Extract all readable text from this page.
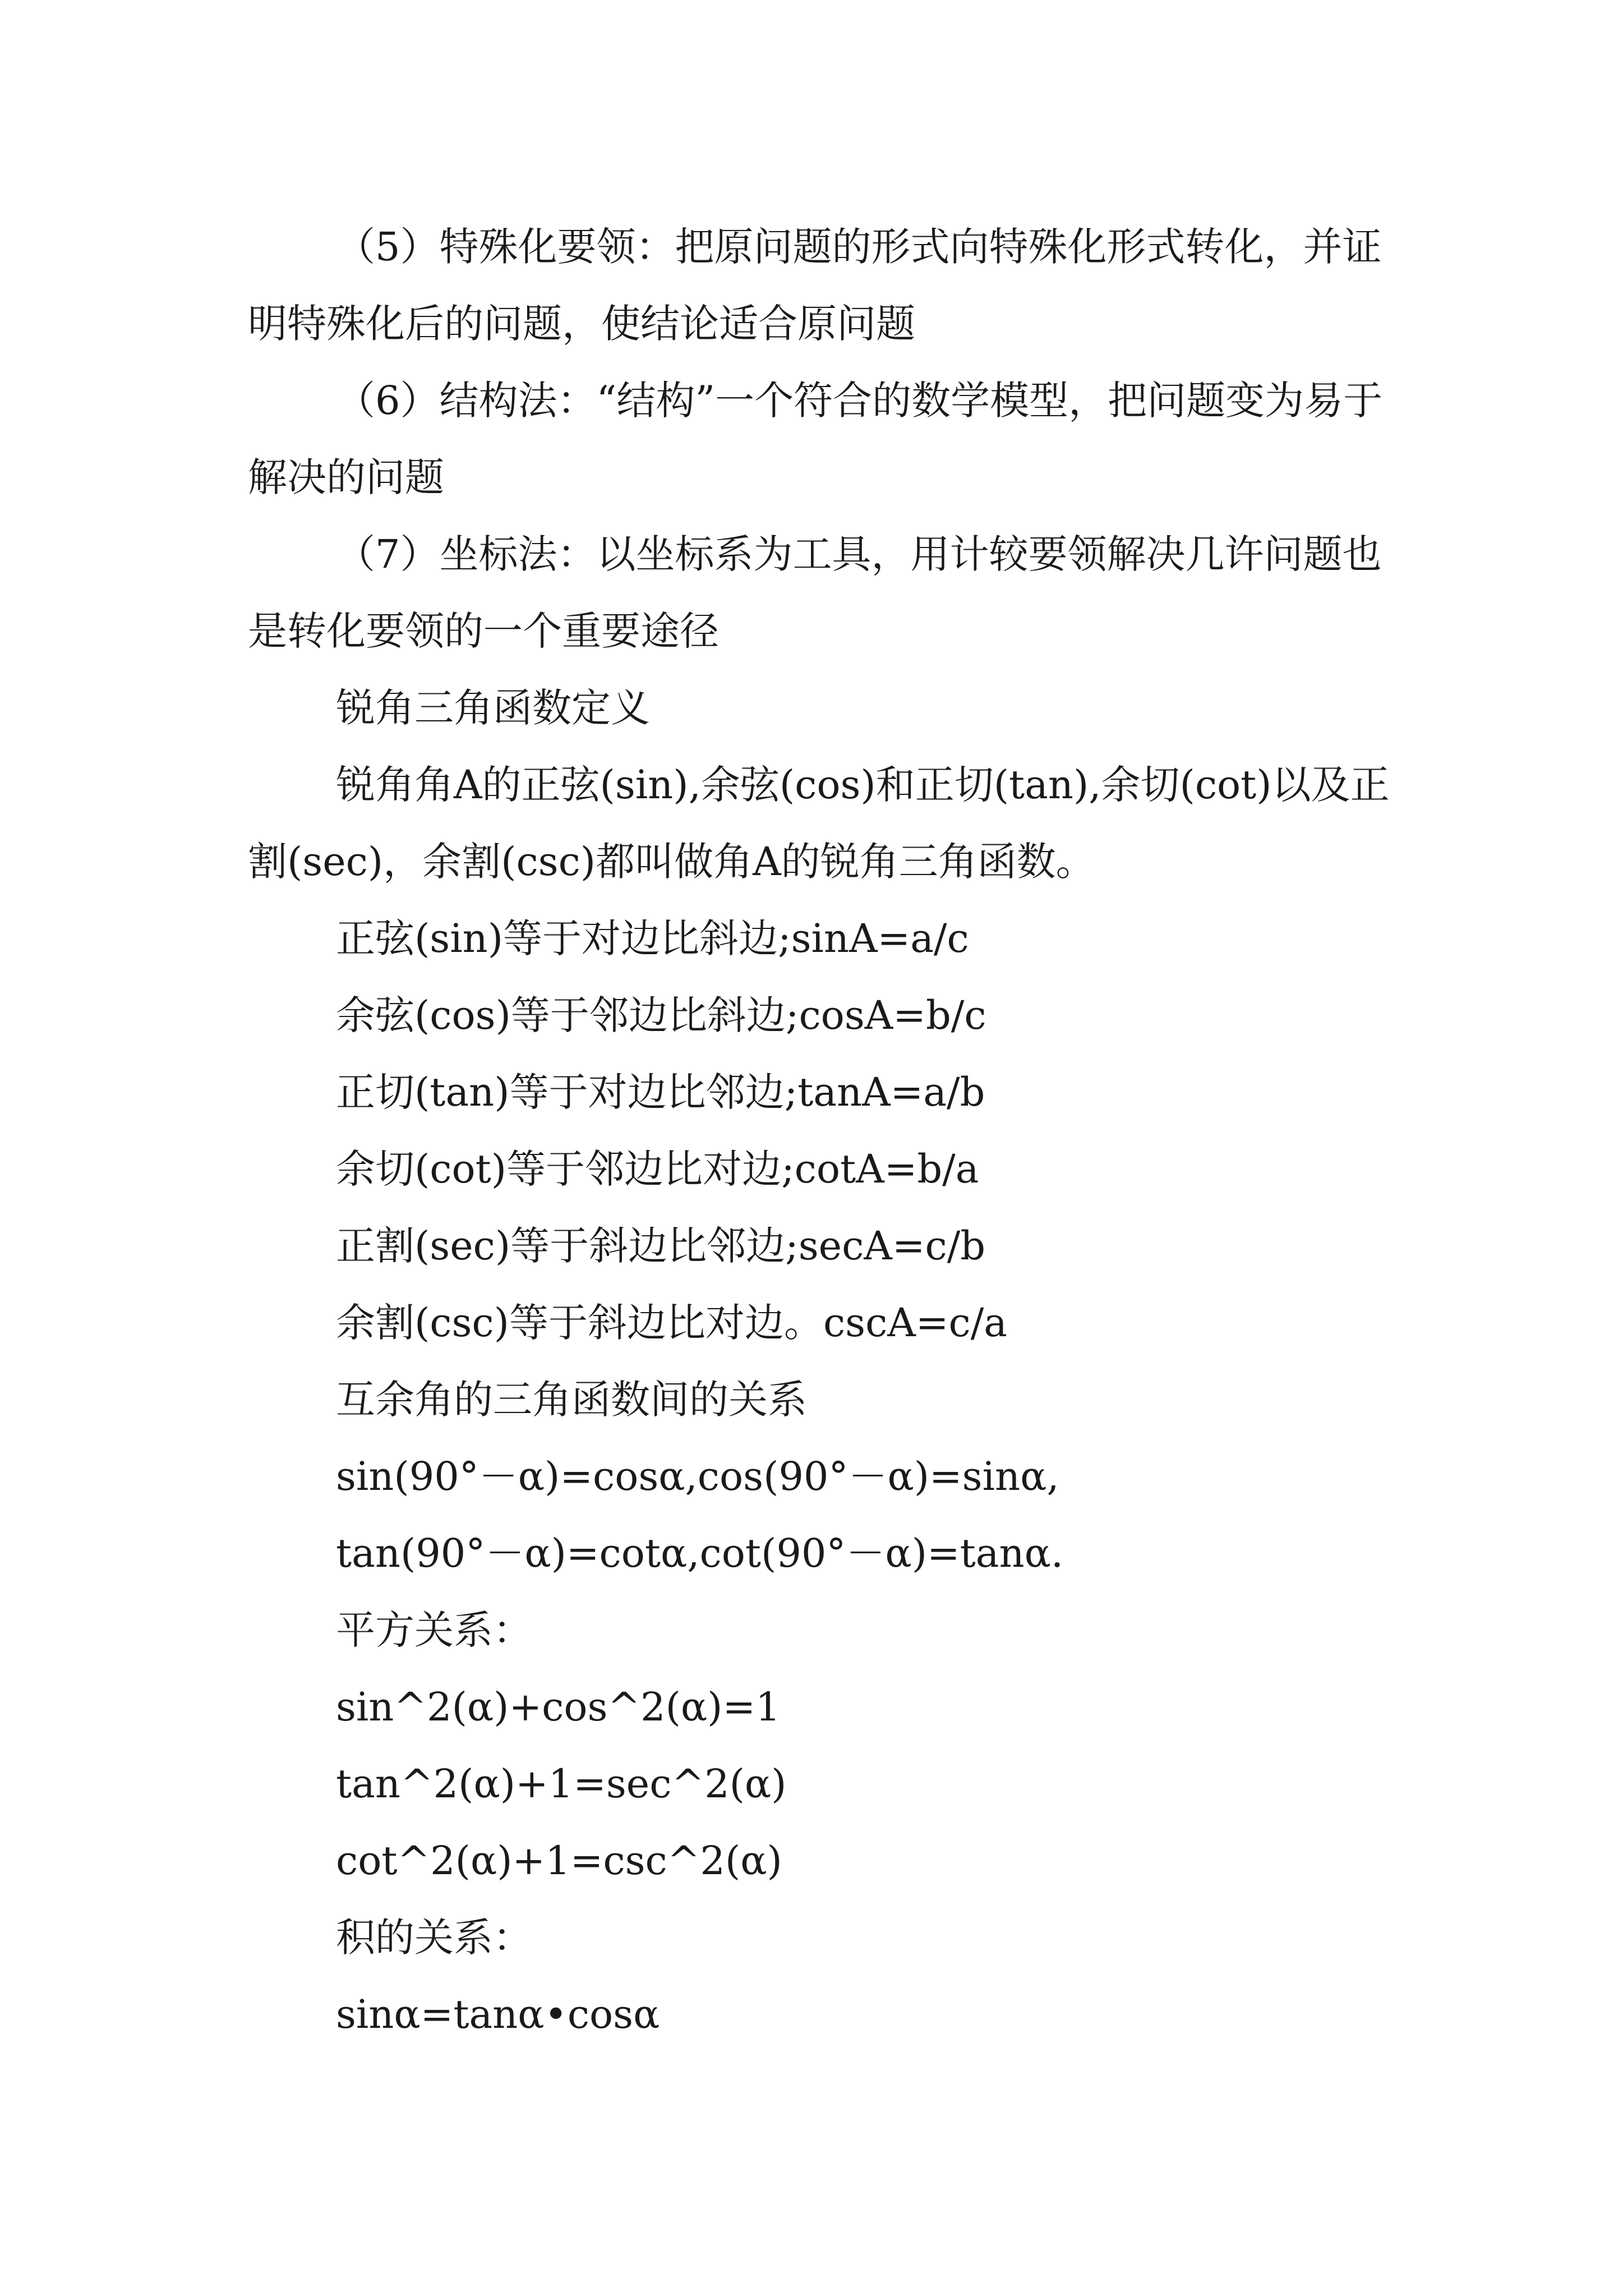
（5）特殊化要领：把原问题的形式向特殊化形式转化，并证明特殊化后的问题，使结论适合原问题

（6）结构法：“结构”一个符合的数学模型，把问题变为易于解决的问题

（7）坐标法：以坐标系为工具，用计较要领解决几许问题也是转化要领的一个重要途径

锐角三角函数定义

锐角角A的正弦(sin),余弦(cos)和正切(tan),余切(cot)以及正割(sec)，余割(csc)都叫做角A的锐角三角函数。

正弦(sin)等于对边比斜边;sinA=a/c

余弦(cos)等于邻边比斜边;cosA=b/c

正切(tan)等于对边比邻边;tanA=a/b

余切(cot)等于邻边比对边;cotA=b/a

正割(sec)等于斜边比邻边;secA=c/b

余割(csc)等于斜边比对边。cscA=c/a

互余角的三角函数间的关系

sin(90°－α)=cosα,cos(90°－α)=sinα,

tan(90°－α)=cotα,cot(90°－α)=tanα.

平方关系：

sin^2(α)+cos^2(α)=1

tan^2(α)+1=sec^2(α)

cot^2(α)+1=csc^2(α)

积的关系：

sinα=tanα•cosα
